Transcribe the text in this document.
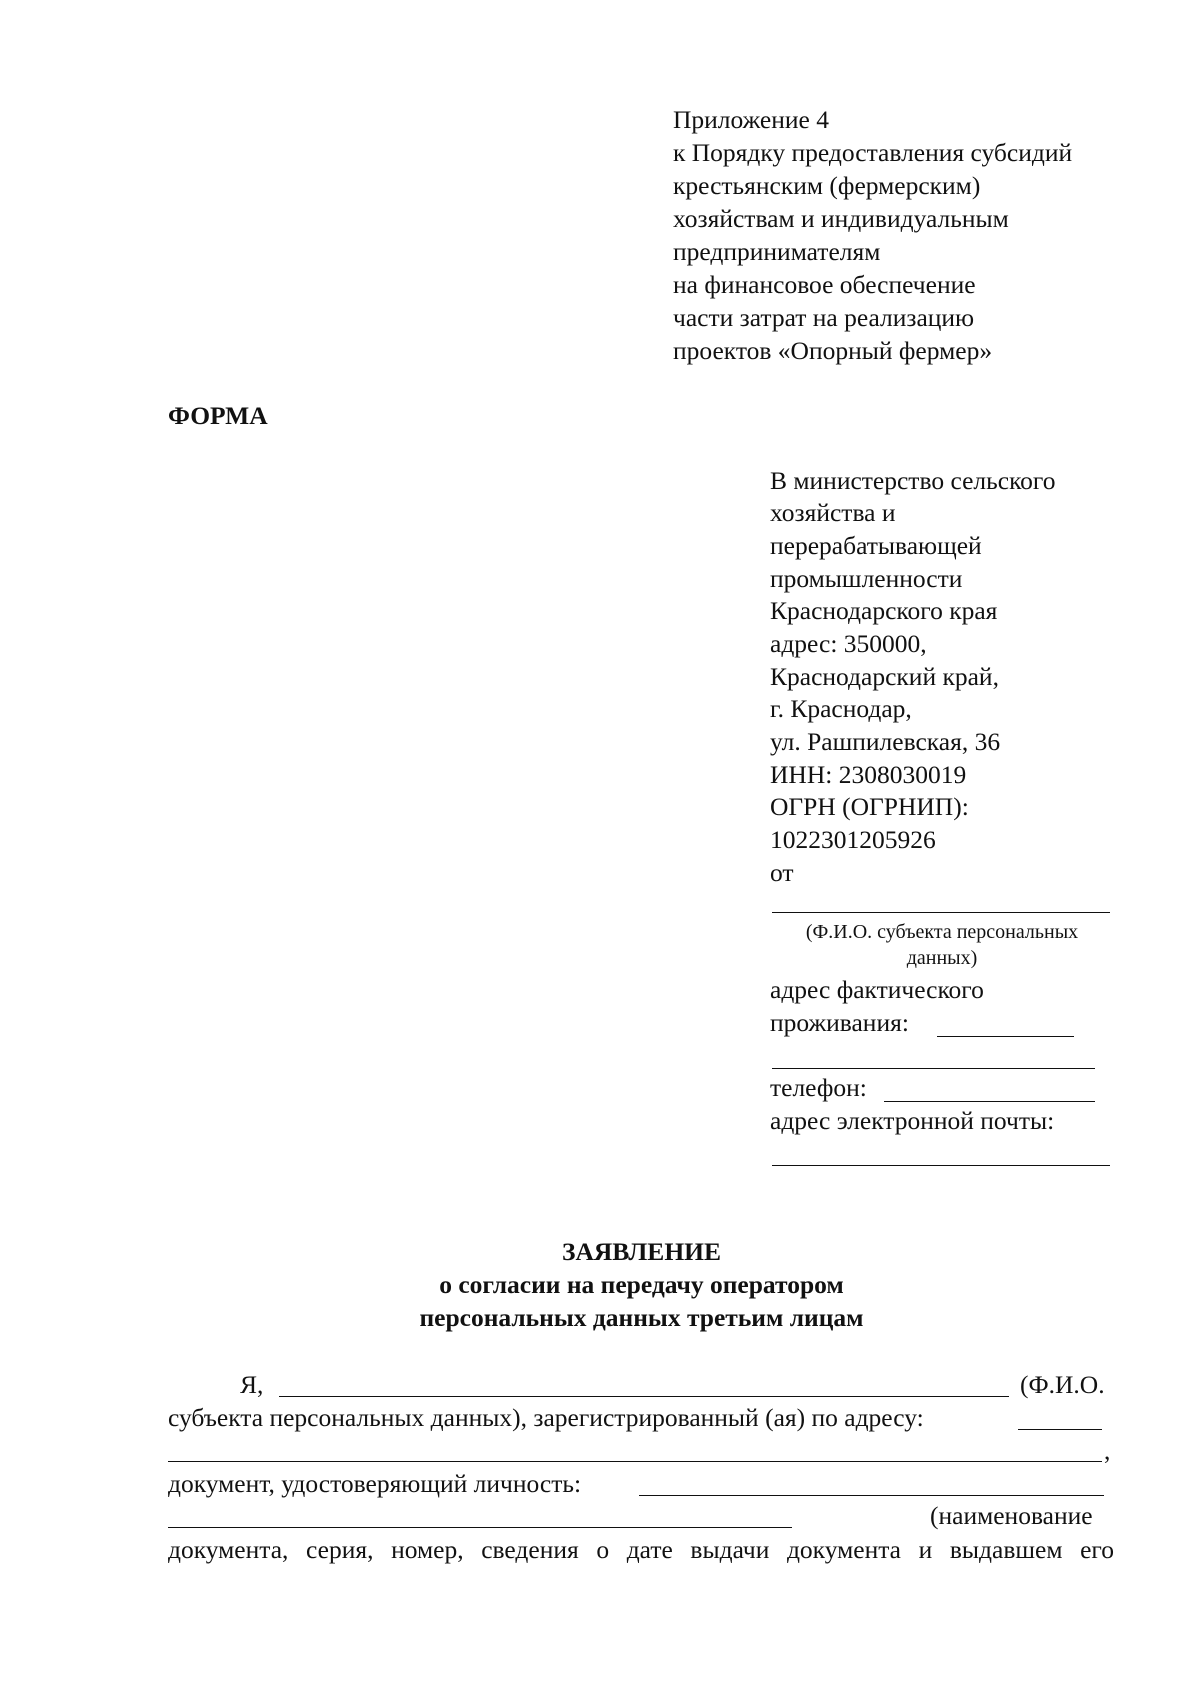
Приложение 4
к Порядку предоставления субсидий
крестьянским (фермерским)
хозяйствам и индивидуальным
предпринимателям
на финансовое обеспечение
части затрат на реализацию
проектов «Опорный фермер»
ФОРМА
В министерство сельского
хозяйства и
перерабатывающей
промышленности
Краснодарского края
адрес: 350000,
Краснодарский край,
г. Краснодар,
ул. Рашпилевская, 36
ИНН: 2308030019
ОГРН (ОГРНИП):
1022301205926
от
(Ф.И.О. субъекта персональных
данных)
адрес фактического
проживания:
телефон:
адрес электронной почты:
ЗАЯВЛЕНИЕ
о согласии на передачу оператором
персональных данных третьим лицам
Я,	(Ф.И.О.
субъекта персональных данных), зарегистрированный (ая) по адресу:
,
документ, удостоверяющий личность:
(наименование
документа, серия, номер, сведения о дате выдачи документа и выдавшем его
